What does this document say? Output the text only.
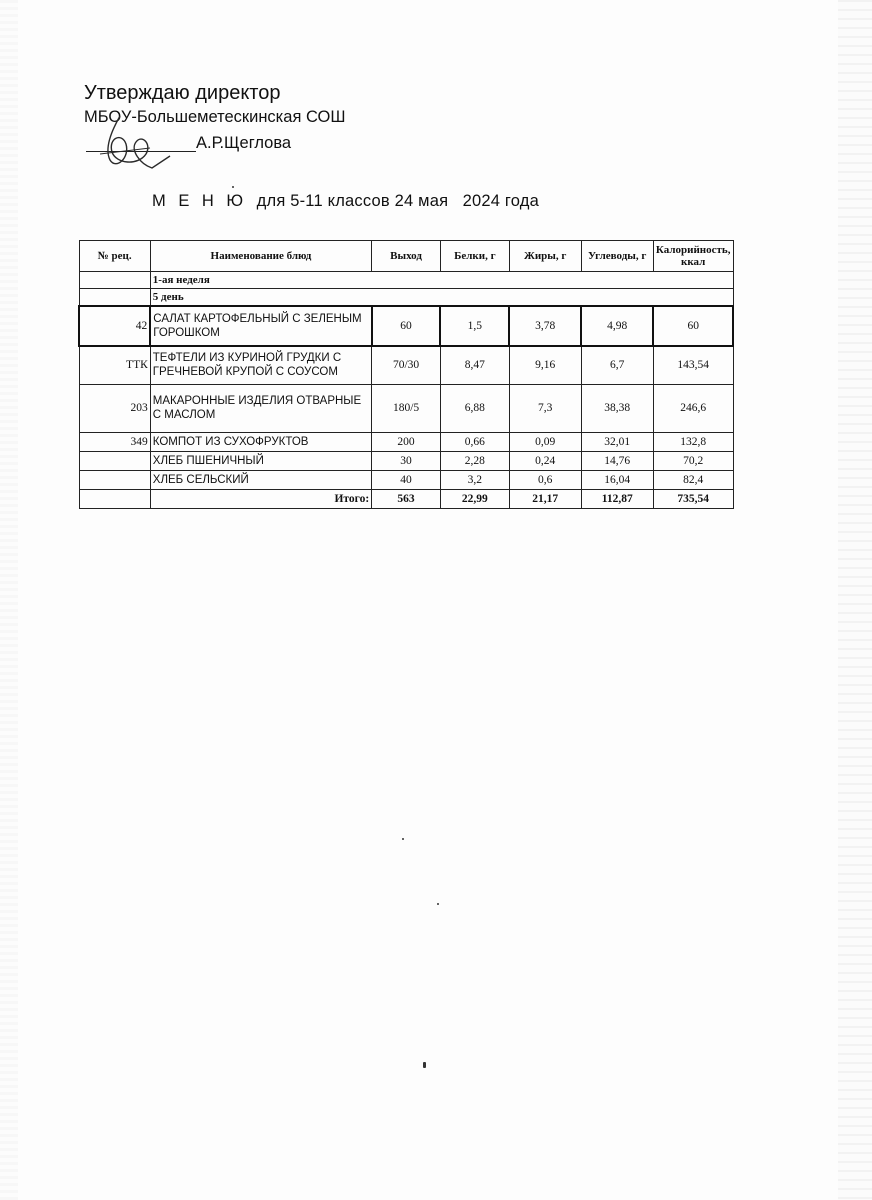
Утверждаю директор
МБОУ-Большеметескинская СОШ
А.Р.Щеглова
М Е Н Ю  для 5-11 классов 24 мая   2024 года
№ рец.	Наименование блюд	Выход	Белки, г	Жиры, г	Углеводы, г	Калорийность, ккал
	1-ая неделя					
	5 день					
42	САЛАТ КАРТОФЕЛЬНЫЙ С ЗЕЛЕНЫМ ГОРОШКОМ	60	1,5	3,78	4,98	60
ТТК	ТЕФТЕЛИ ИЗ КУРИНОЙ ГРУДКИ С ГРЕЧНЕВОЙ КРУПОЙ С СОУСОМ	70/30	8,47	9,16	6,7	143,54
203	МАКАРОННЫЕ ИЗДЕЛИЯ ОТВАРНЫЕ С МАСЛОМ	180/5	6,88	7,3	38,38	246,6
349	КОМПОТ ИЗ СУХОФРУКТОВ	200	0,66	0,09	32,01	132,8
	ХЛЕБ ПШЕНИЧНЫЙ	30	2,28	0,24	14,76	70,2
	ХЛЕБ СЕЛЬСКИЙ	40	3,2	0,6	16,04	82,4
	Итого:	563	22,99	21,17	112,87	735,54
